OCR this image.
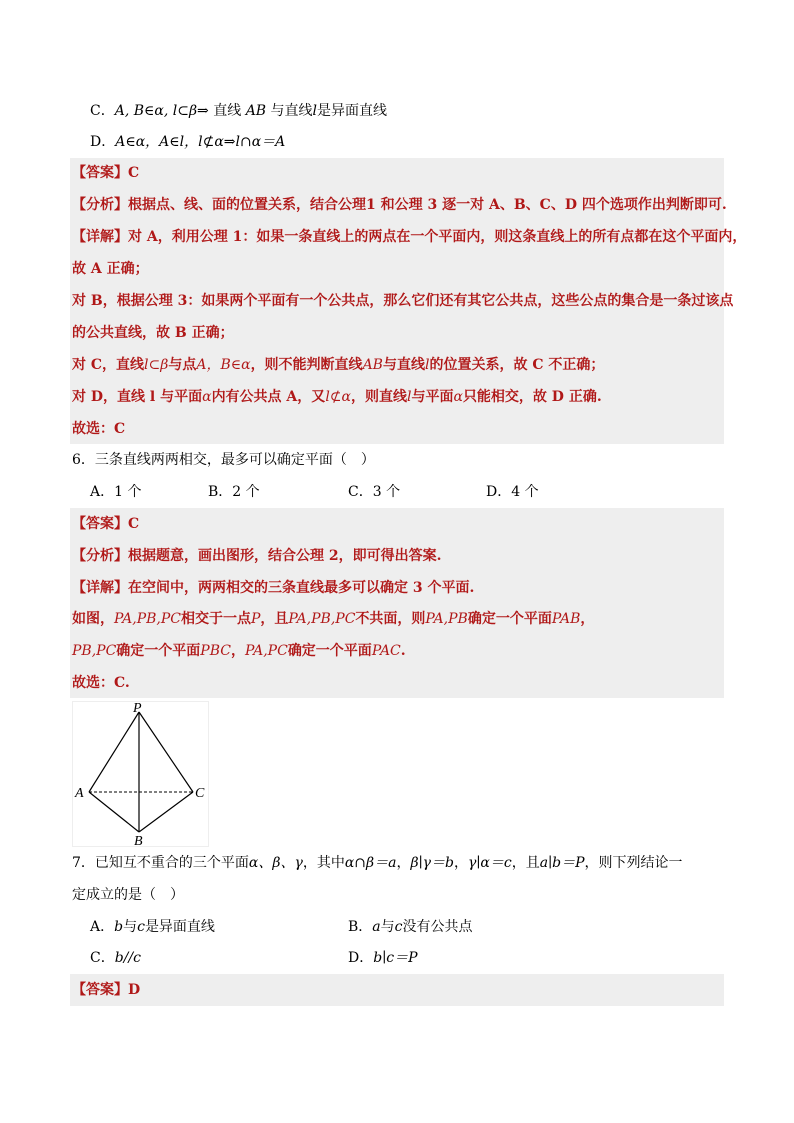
C．A, B∈α, l⊂β⇒ 直线 AB 与直线l是异面直线
D．A∈α，A∈l，l⊄α⇒l∩α＝A
【答案】C
【分析】根据点、线、面的位置关系，结合公理1 和公理 3 逐一对 A、B、C、D 四个选项作出判断即可.
【详解】对 A，利用公理 1：如果一条直线上的两点在一个平面内，则这条直线上的所有点都在这个平面内，
故 A 正确；
对 B，根据公理 3：如果两个平面有一个公共点，那么它们还有其它公共点，这些公点的集合是一条过该点
的公共直线，故 B 正确；
对 C，直线l⊂β与点A，B∈α，则不能判断直线AB与直线l的位置关系，故 C 不正确；
对 D，直线 l 与平面α内有公共点 A，又l⊄α，则直线l与平面α只能相交，故 D 正确.
故选：C
6．三条直线两两相交，最多可以确定平面（　）
A．1 个	B．2 个	C．3 个	D．4 个
【答案】C
【分析】根据题意，画出图形，结合公理 2，即可得出答案.
【详解】在空间中，两两相交的三条直线最多可以确定 3 个平面.
如图，PA,PB,PC相交于一点P，且PA,PB,PC不共面，则PA,PB确定一个平面PAB，
PB,PC确定一个平面PBC，PA,PC确定一个平面PAC.
故选：C.
P
A	C
B
7．已知互不重合的三个平面α、β、γ，其中α∩β＝a，β∣γ＝b，γ∣α＝c，且a∣b＝P，则下列结论一
定成立的是（　）
A．b与c是异面直线	B．a与c没有公共点
C．b//c	D．b∣c＝P
【答案】D
